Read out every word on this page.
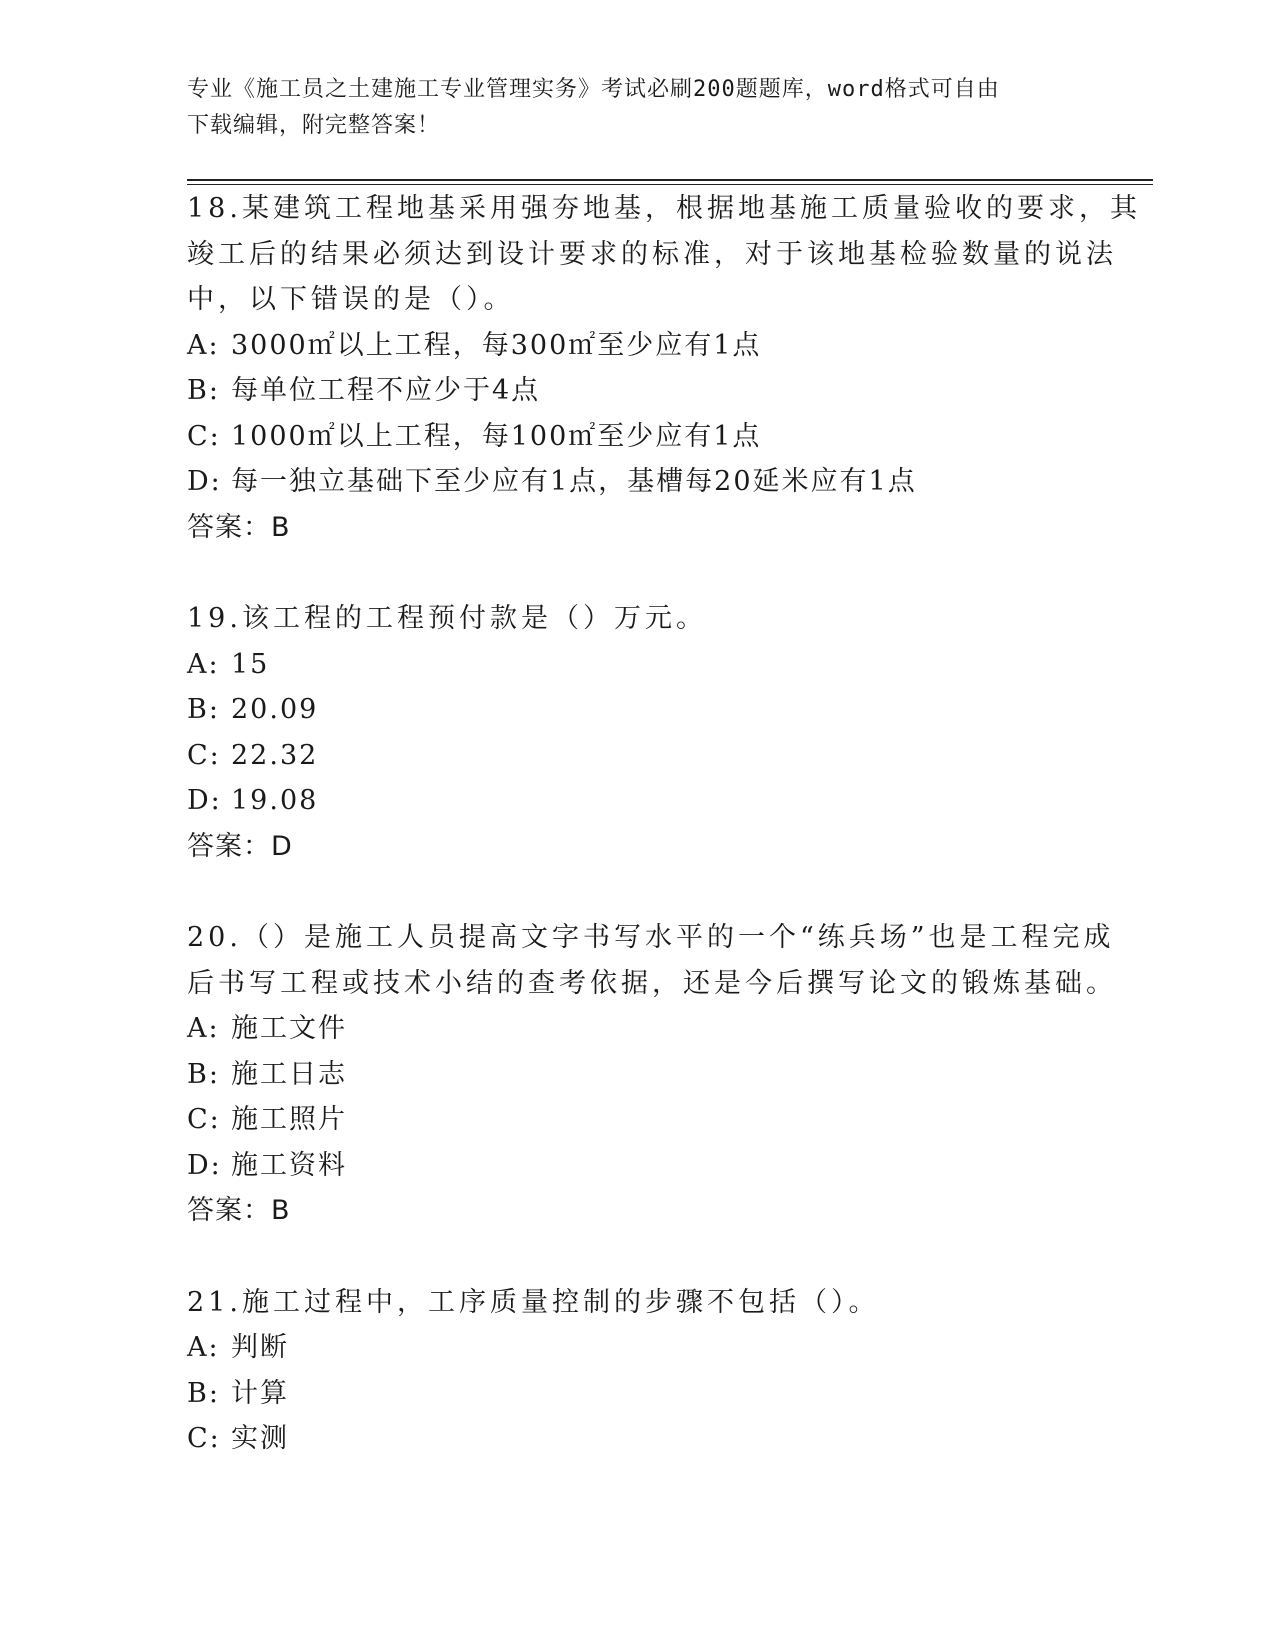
专业《施工员之土建施工专业管理实务》考试必刷200题题库，word格式可自由
下载编辑，附完整答案！
18.某建筑工程地基采用强夯地基，根据地基施工质量验收的要求，其
竣工后的结果必须达到设计要求的标准，对于该地基检验数量的说法
中，以下错误的是（）。
A: 3000㎡以上工程，每300㎡至少应有1点
B: 每单位工程不应少于4点
C: 1000㎡以上工程，每100㎡至少应有1点
D: 每一独立基础下至少应有1点，基槽每20延米应有1点
答案：B
19.该工程的工程预付款是（）万元。
A: 15
B: 20.09
C: 22.32
D: 19.08
答案：D
20.（）是施工人员提高文字书写水平的一个“练兵场”也是工程完成
后书写工程或技术小结的查考依据，还是今后撰写论文的锻炼基础。
A: 施工文件
B: 施工日志
C: 施工照片
D: 施工资料
答案：B
21.施工过程中，工序质量控制的步骤不包括（）。
A: 判断
B: 计算
C: 实测
